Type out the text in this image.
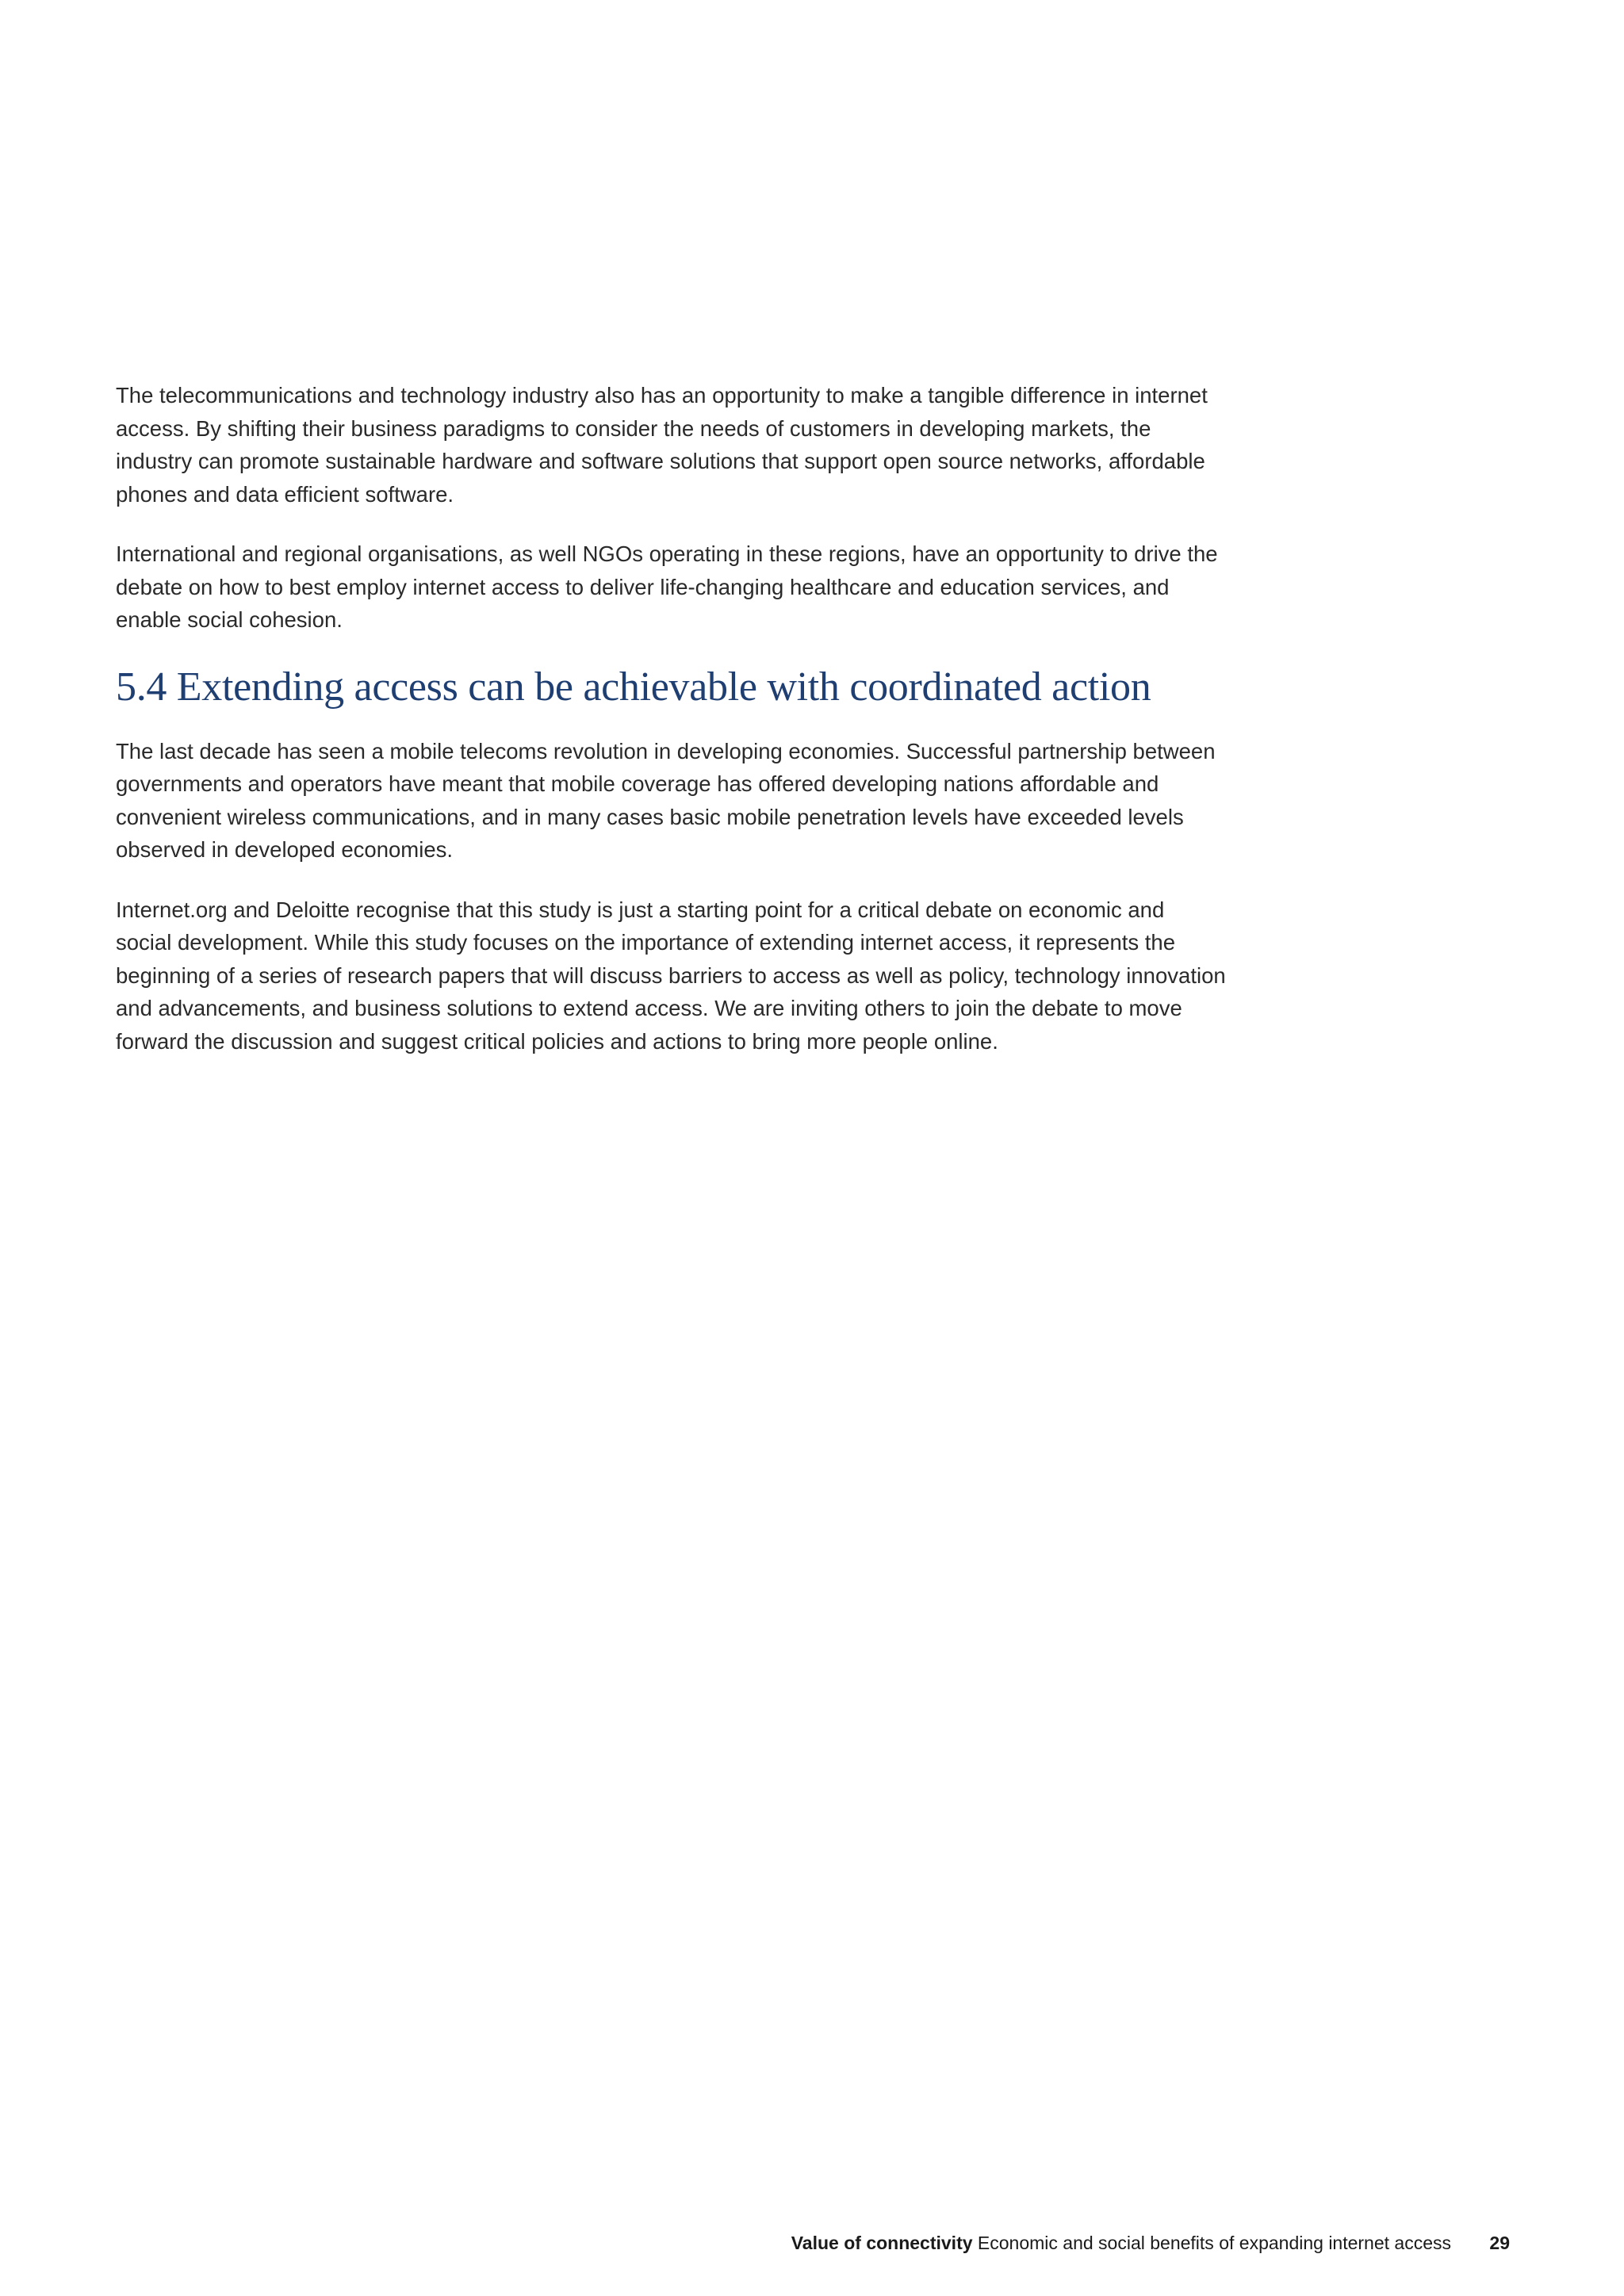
The telecommunications and technology industry also has an opportunity to make a tangible difference in internet access. By shifting their business paradigms to consider the needs of customers in developing markets, the industry can promote sustainable hardware and software solutions that support open source networks, affordable phones and data efficient software.

International and regional organisations, as well NGOs operating in these regions, have an opportunity to drive the debate on how to best employ internet access to deliver life-changing healthcare and education services, and enable social cohesion.

5.4 Extending access can be achievable with coordinated action

The last decade has seen a mobile telecoms revolution in developing economies. Successful partnership between governments and operators have meant that mobile coverage has offered developing nations affordable and convenient wireless communications, and in many cases basic mobile penetration levels have exceeded levels observed in developed economies.

Internet.org and Deloitte recognise that this study is just a starting point for a critical debate on economic and social development. While this study focuses on the importance of extending internet access, it represents the beginning of a series of research papers that will discuss barriers to access as well as policy, technology innovation and advancements, and business solutions to extend access. We are inviting others to join the debate to move forward the discussion and suggest critical policies and actions to bring more people online.

Value of connectivity Economic and social benefits of expanding internet access 29
